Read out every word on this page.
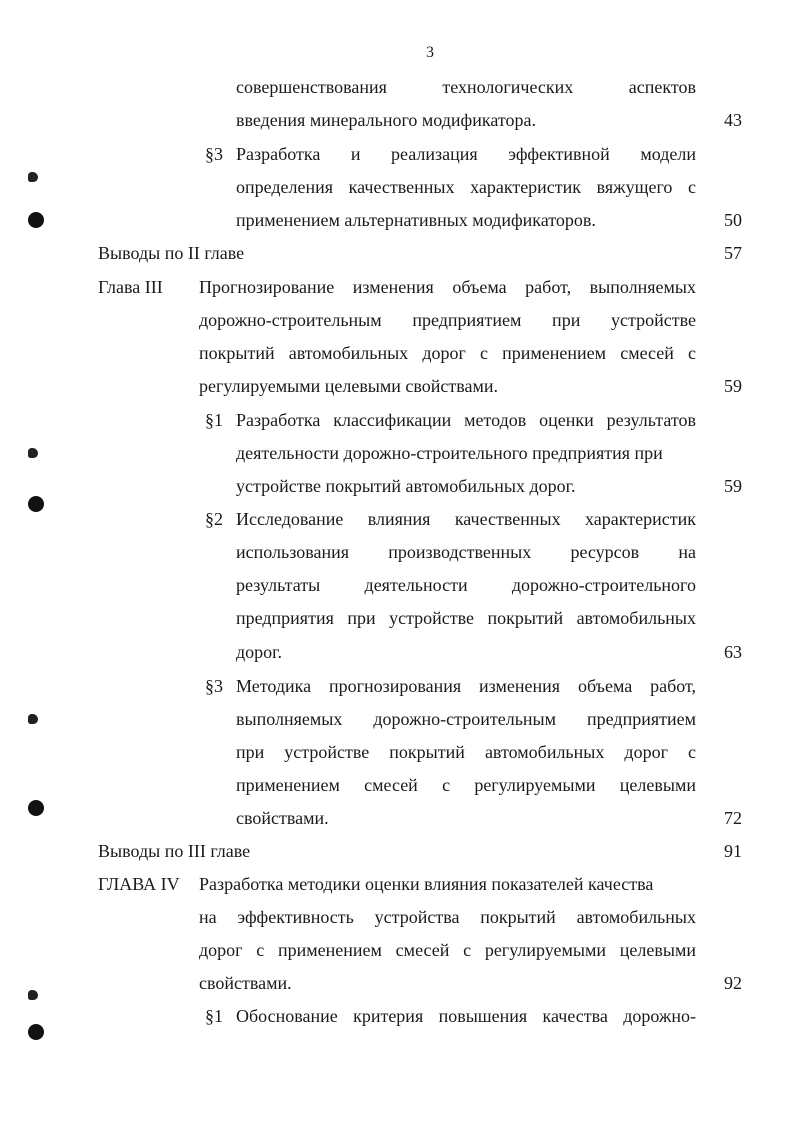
3
совершенствования технологических аспектов
введения минерального модификатора.	43
§3 Разработка и реализация эффективной модели
определения качественных характеристик вяжущего с
применением альтернативных модификаторов.	50
Выводы по II главе	57
Глава III Прогнозирование изменения объема работ, выполняемых
дорожно-строительным предприятием при устройстве
покрытий автомобильных дорог с применением смесей с
регулируемыми целевыми свойствами.	59
§1 Разработка классификации методов оценки результатов
деятельности дорожно-строительного предприятия при
устройстве покрытий автомобильных дорог.	59
§2 Исследование влияния качественных характеристик
использования производственных ресурсов на
результаты деятельности дорожно-строительного
предприятия при устройстве покрытий автомобильных
дорог.	63
§3 Методика прогнозирования изменения объема работ,
выполняемых дорожно-строительным предприятием
при устройстве покрытий автомобильных дорог с
применением смесей с регулируемыми целевыми
свойствами.	72
Выводы по III главе	91
ГЛАВА IV Разработка методики оценки влияния показателей качества
на эффективность устройства покрытий автомобильных
дорог с применением смесей с регулируемыми целевыми
свойствами.	92
§1 Обоснование критерия повышения качества дорожно-
